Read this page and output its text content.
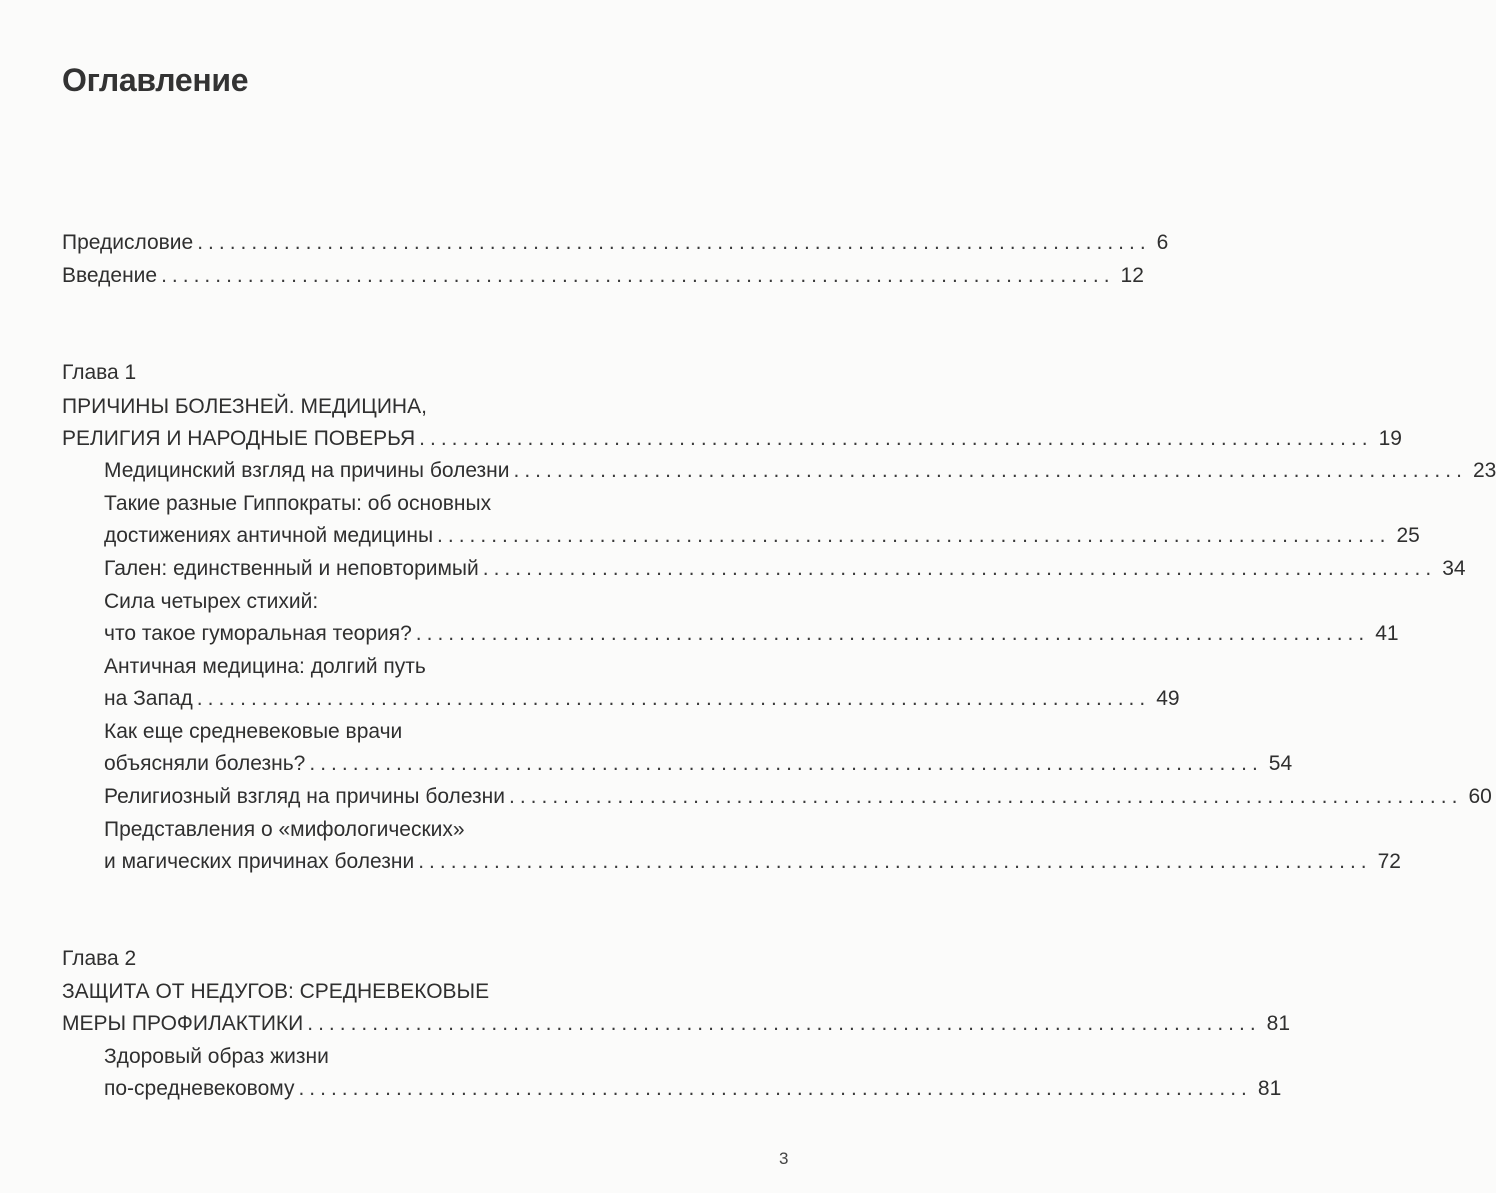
Оглавление
Предисловие ........................................................................................ 6
Введение ........................................................................................ 12
Глава 1
ПРИЧИНЫ БОЛЕЗНЕЙ. МЕДИЦИНА,
РЕЛИГИЯ И НАРОДНЫЕ ПОВЕРЬЯ ........................................................................................ 19
Медицинский взгляд на причины болезни ........................................................................................ 23
Такие разные Гиппократы: об основных
достижениях античной медицины ........................................................................................ 25
Гален: единственный и неповторимый ........................................................................................ 34
Сила четырех стихий:
что такое гуморальная теория? ........................................................................................ 41
Античная медицина: долгий путь
на Запад ........................................................................................ 49
Как еще средневековые врачи
объясняли болезнь? ........................................................................................ 54
Религиозный взгляд на причины болезни ........................................................................................ 60
Представления о «мифологических»
и магических причинах болезни ........................................................................................ 72
Глава 2
ЗАЩИТА ОТ НЕДУГОВ: СРЕДНЕВЕКОВЫЕ
МЕРЫ ПРОФИЛАКТИКИ ........................................................................................ 81
Здоровый образ жизни
по-средневековому ........................................................................................ 81
3
